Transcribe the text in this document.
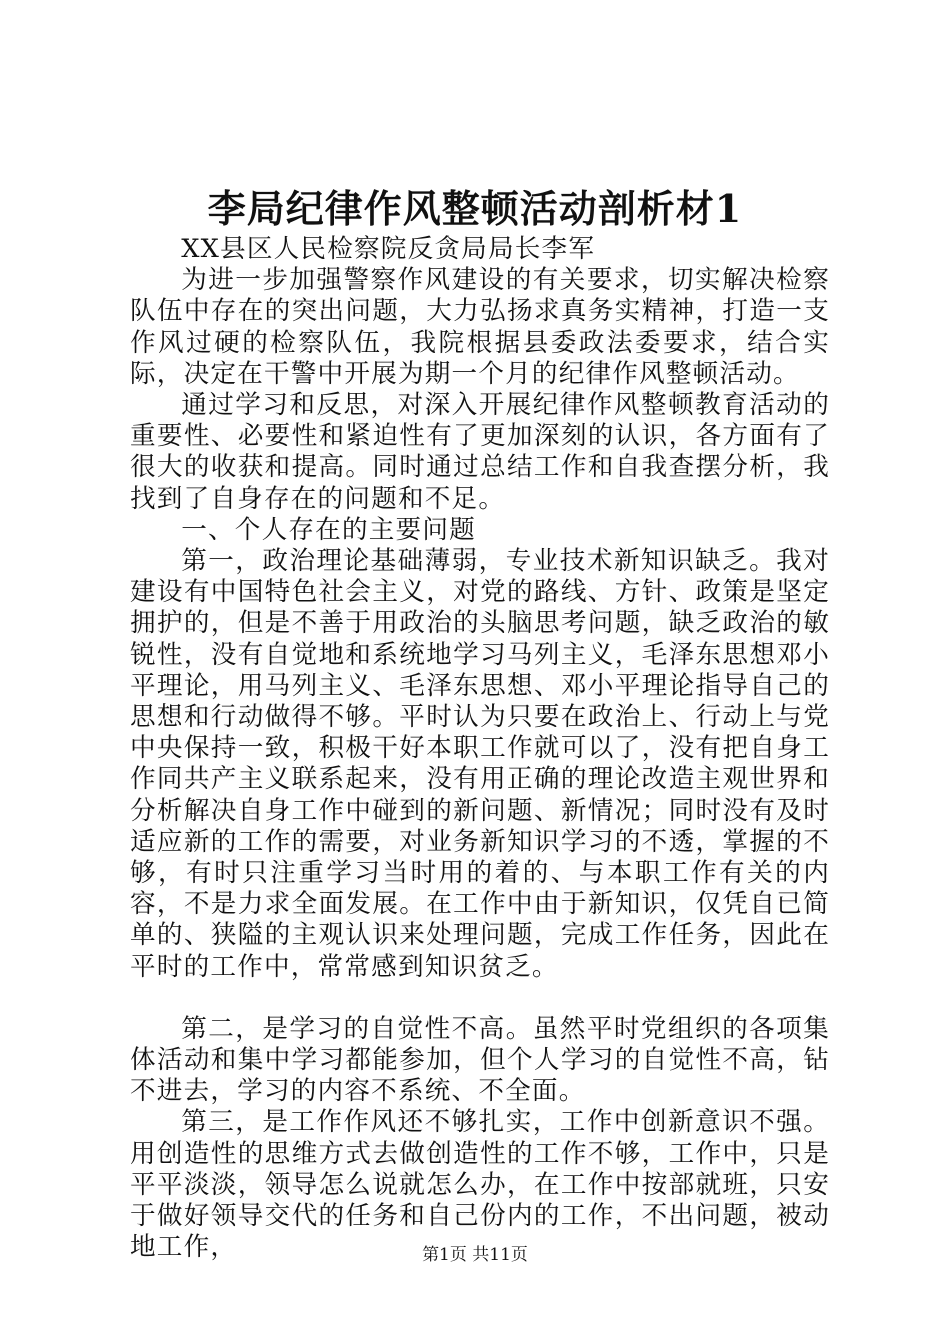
李局纪律作风整顿活动剖析材1

XX县区人民检察院反贪局局长李军

为进一步加强警察作风建设的有关要求，切实解决检察队伍中存在的突出问题，大力弘扬求真务实精神，打造一支作风过硬的检察队伍，我院根据县委政法委要求，结合实际，决定在干警中开展为期一个月的纪律作风整顿活动。

通过学习和反思，对深入开展纪律作风整顿教育活动的重要性、必要性和紧迫性有了更加深刻的认识，各方面有了很大的收获和提高。同时通过总结工作和自我查摆分析，我找到了自身存在的问题和不足。

一、个人存在的主要问题

第一，政治理论基础薄弱，专业技术新知识缺乏。我对建设有中国特色社会主义，对党的路线、方针、政策是坚定拥护的，但是不善于用政治的头脑思考问题，缺乏政治的敏锐性，没有自觉地和系统地学习马列主义，毛泽东思想邓小平理论，用马列主义、毛泽东思想、邓小平理论指导自己的思想和行动做得不够。平时认为只要在政治上、行动上与党中央保持一致，积极干好本职工作就可以了，没有把自身工作同共产主义联系起来，没有用正确的理论改造主观世界和分析解决自身工作中碰到的新问题、新情况；同时没有及时适应新的工作的需要，对业务新知识学习的不透，掌握的不够，有时只注重学习当时用的着的、与本职工作有关的内容，不是力求全面发展。在工作中由于新知识，仅凭自已简单的、狭隘的主观认识来处理问题，完成工作任务，因此在平时的工作中，常常感到知识贫乏。

第二，是学习的自觉性不高。虽然平时党组织的各项集体活动和集中学习都能参加，但个人学习的自觉性不高，钻不进去，学习的内容不系统、不全面。

第三，是工作作风还不够扎实，工作中创新意识不强。用创造性的思维方式去做创造性的工作不够，工作中，只是平平淡淡，领导怎么说就怎么办，在工作中按部就班，只安于做好领导交代的任务和自己份内的工作，不出问题，被动地工作，	第1页 共11页
